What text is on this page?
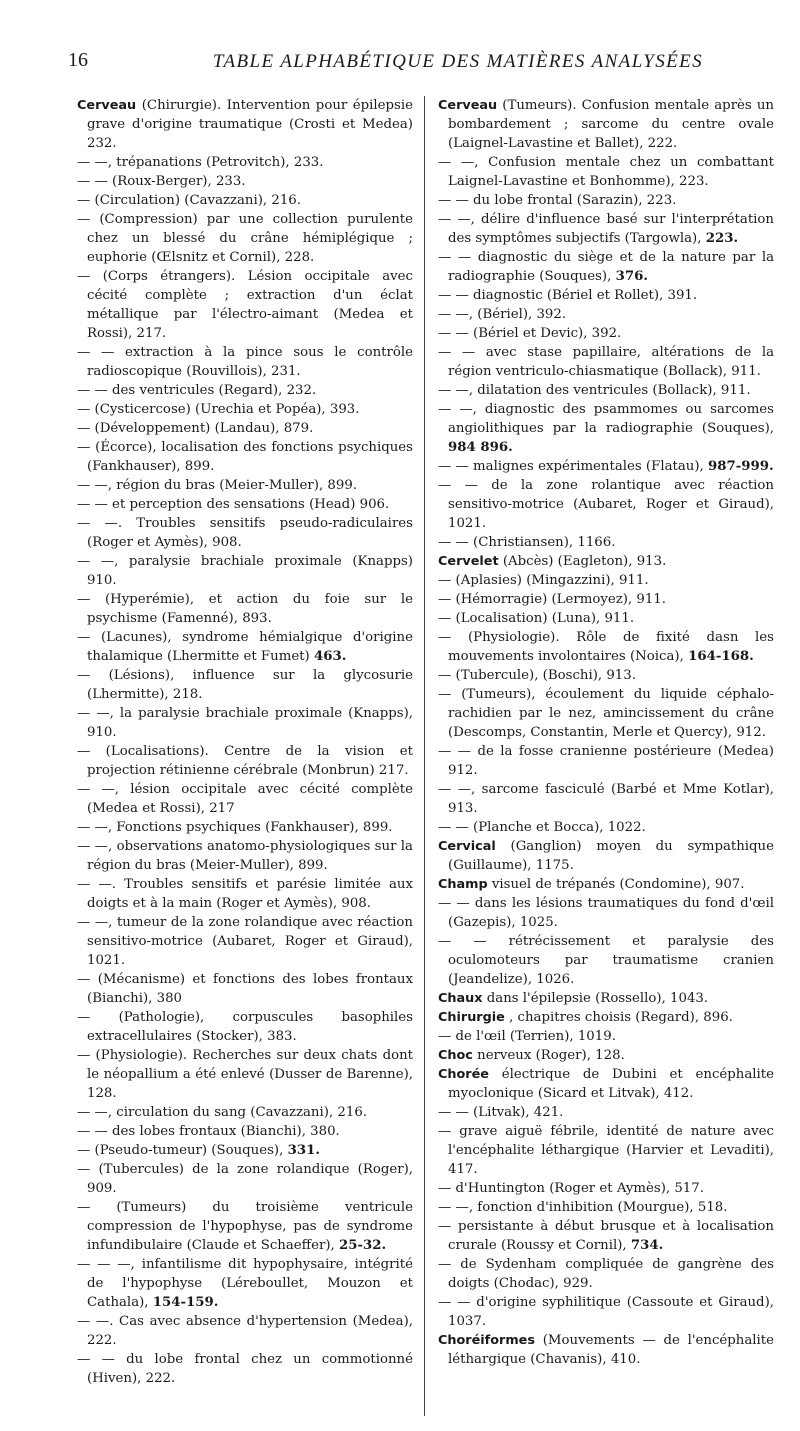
16	TABLE ALPHABÉTIQUE DES MATIÈRES ANALYSÉES

Cerveau (Chirurgie). Intervention pour épilepsie grave d'origine traumatique (Crosti et Medea) 232.

— —, trépanations (Petrovitch), 233.

— — (Roux-Berger), 233.

— (Circulation) (Cavazzani), 216.

— (Compression) par une collection purulente chez un blessé du crâne hémiplégique ; euphorie (Œlsnitz et Cornil), 228.

— (Corps étrangers). Lésion occipitale avec cécité complète ; extraction d'un éclat métallique par l'électro-aimant (Medea et Rossi), 217.

— — extraction à la pince sous le contrôle radioscopique (Rouvillois), 231.

— — des ventricules (Regard), 232.

— (Cysticercose) (Urechia et Popéa), 393.

— (Développement) (Landau), 879.

— (Écorce), localisation des fonctions psychiques (Fankhauser), 899.

— —, région du bras (Meier-Muller), 899.

— — et perception des sensations (Head) 906.

— —. Troubles sensitifs pseudo-radiculaires (Roger et Aymès), 908.

— —, paralysie brachiale proximale (Knapps) 910.

— (Hyperémie), et action du foie sur le psychisme (Famenné), 893.

— (Lacunes), syndrome hémialgique d'origine thalamique (Lhermitte et Fumet) 463.

— (Lésions), influence sur la glycosurie (Lhermitte), 218.

— —, la paralysie brachiale proximale (Knapps), 910.

— (Localisations). Centre de la vision et projection rétinienne cérébrale (Monbrun) 217.

— —, lésion occipitale avec cécité complète (Medea et Rossi), 217

— —, Fonctions psychiques (Fankhauser), 899.

— —, observations anatomo-physiologiques sur la région du bras (Meier-Muller), 899.

— —. Troubles sensitifs et parésie limitée aux doigts et à la main (Roger et Aymès), 908.

— —, tumeur de la zone rolandique avec réaction sensitivo-motrice (Aubaret, Roger et Giraud), 1021.

— (Mécanisme) et fonctions des lobes frontaux (Bianchi), 380

— (Pathologie), corpuscules basophiles extracellulaires (Stocker), 383.

— (Physiologie). Recherches sur deux chats dont le néopallium a été enlevé (Dusser de Barenne), 128.

— —, circulation du sang (Cavazzani), 216.

— — des lobes frontaux (Bianchi), 380.

— (Pseudo-tumeur) (Souques), 331.

— (Tubercules) de la zone rolandique (Roger), 909.

— (Tumeurs) du troisième ventricule compression de l'hypophyse, pas de syndrome infundibulaire (Claude et Schaeffer), 25-32.

— — —, infantilisme dit hypophysaire, intégrité de l'hypophyse (Léreboullet, Mouzon et Cathala), 154-159.

— —. Cas avec absence d'hypertension (Medea), 222.

— — du lobe frontal chez un commotionné (Hiven), 222.

Cerveau (Tumeurs). Confusion mentale après un bombardement ; sarcome du centre ovale (Laignel-Lavastine et Ballet), 222.

— —, Confusion mentale chez un combattant Laignel-Lavastine et Bonhomme), 223.

— — du lobe frontal (Sarazin), 223.

— —, délire d'influence basé sur l'interprétation des symptômes subjectifs (Targowla), 223.

— — diagnostic du siège et de la nature par la radiographie (Souques), 376.

— — diagnostic (Bériel et Rollet), 391.

— —, (Bériel), 392.

— — (Bériel et Devic), 392.

— — avec stase papillaire, altérations de la région ventriculo-chiasmatique (Bollack), 911.

— —, dilatation des ventricules (Bollack), 911.

— —, diagnostic des psammomes ou sarcomes angiolithiques par la radiographie (Souques), 984 896.

— — malignes expérimentales (Flatau), 987-999.

— — de la zone rolantique avec réaction sensitivo-motrice (Aubaret, Roger et Giraud), 1021.

— — (Christiansen), 1166.

Cervelet (Abcès) (Eagleton), 913.

— (Aplasies) (Mingazzini), 911.

— (Hémorragie) (Lermoyez), 911.

— (Localisation) (Luna), 911.

— (Physiologie). Rôle de fixité dasn les mouvements involontaires (Noica), 164-168.

— (Tubercule), (Boschi), 913.

— (Tumeurs), écoulement du liquide céphalo-rachidien par le nez, amincissement du crâne (Descomps, Constantin, Merle et Quercy), 912.

— — de la fosse cranienne postérieure (Medea) 912.

— —, sarcome fasciculé (Barbé et Mme Kotlar), 913.

— — (Planche et Bocca), 1022.

Cervical (Ganglion) moyen du sympathique (Guillaume), 1175.

Champ visuel de trépanés (Condomine), 907.

— — dans les lésions traumatiques du fond d'œil (Gazepis), 1025.

— — rétrécissement et paralysie des oculomoteurs par traumatisme cranien (Jeandelize), 1026.

Chaux dans l'épilepsie (Rossello), 1043.

Chirurgie , chapitres choisis (Regard), 896.

— de l'œil (Terrien), 1019.

Choc nerveux (Roger), 128.

Chorée électrique de Dubini et encéphalite myoclonique (Sicard et Litvak), 412.

— — (Litvak), 421.

— grave aiguë fébrile, identité de nature avec l'encéphalite léthargique (Harvier et Levaditi), 417.

— d'Huntington (Roger et Aymès), 517.

— —, fonction d'inhibition (Mourgue), 518.

— persistante à début brusque et à localisation crurale (Roussy et Cornil), 734.

— de Sydenham compliquée de gangrène des doigts (Chodac), 929.

— — d'origine syphilitique (Cassoute et Giraud), 1037.

Choréiformes (Mouvements — de l'encéphalite léthargique (Chavanis), 410.
